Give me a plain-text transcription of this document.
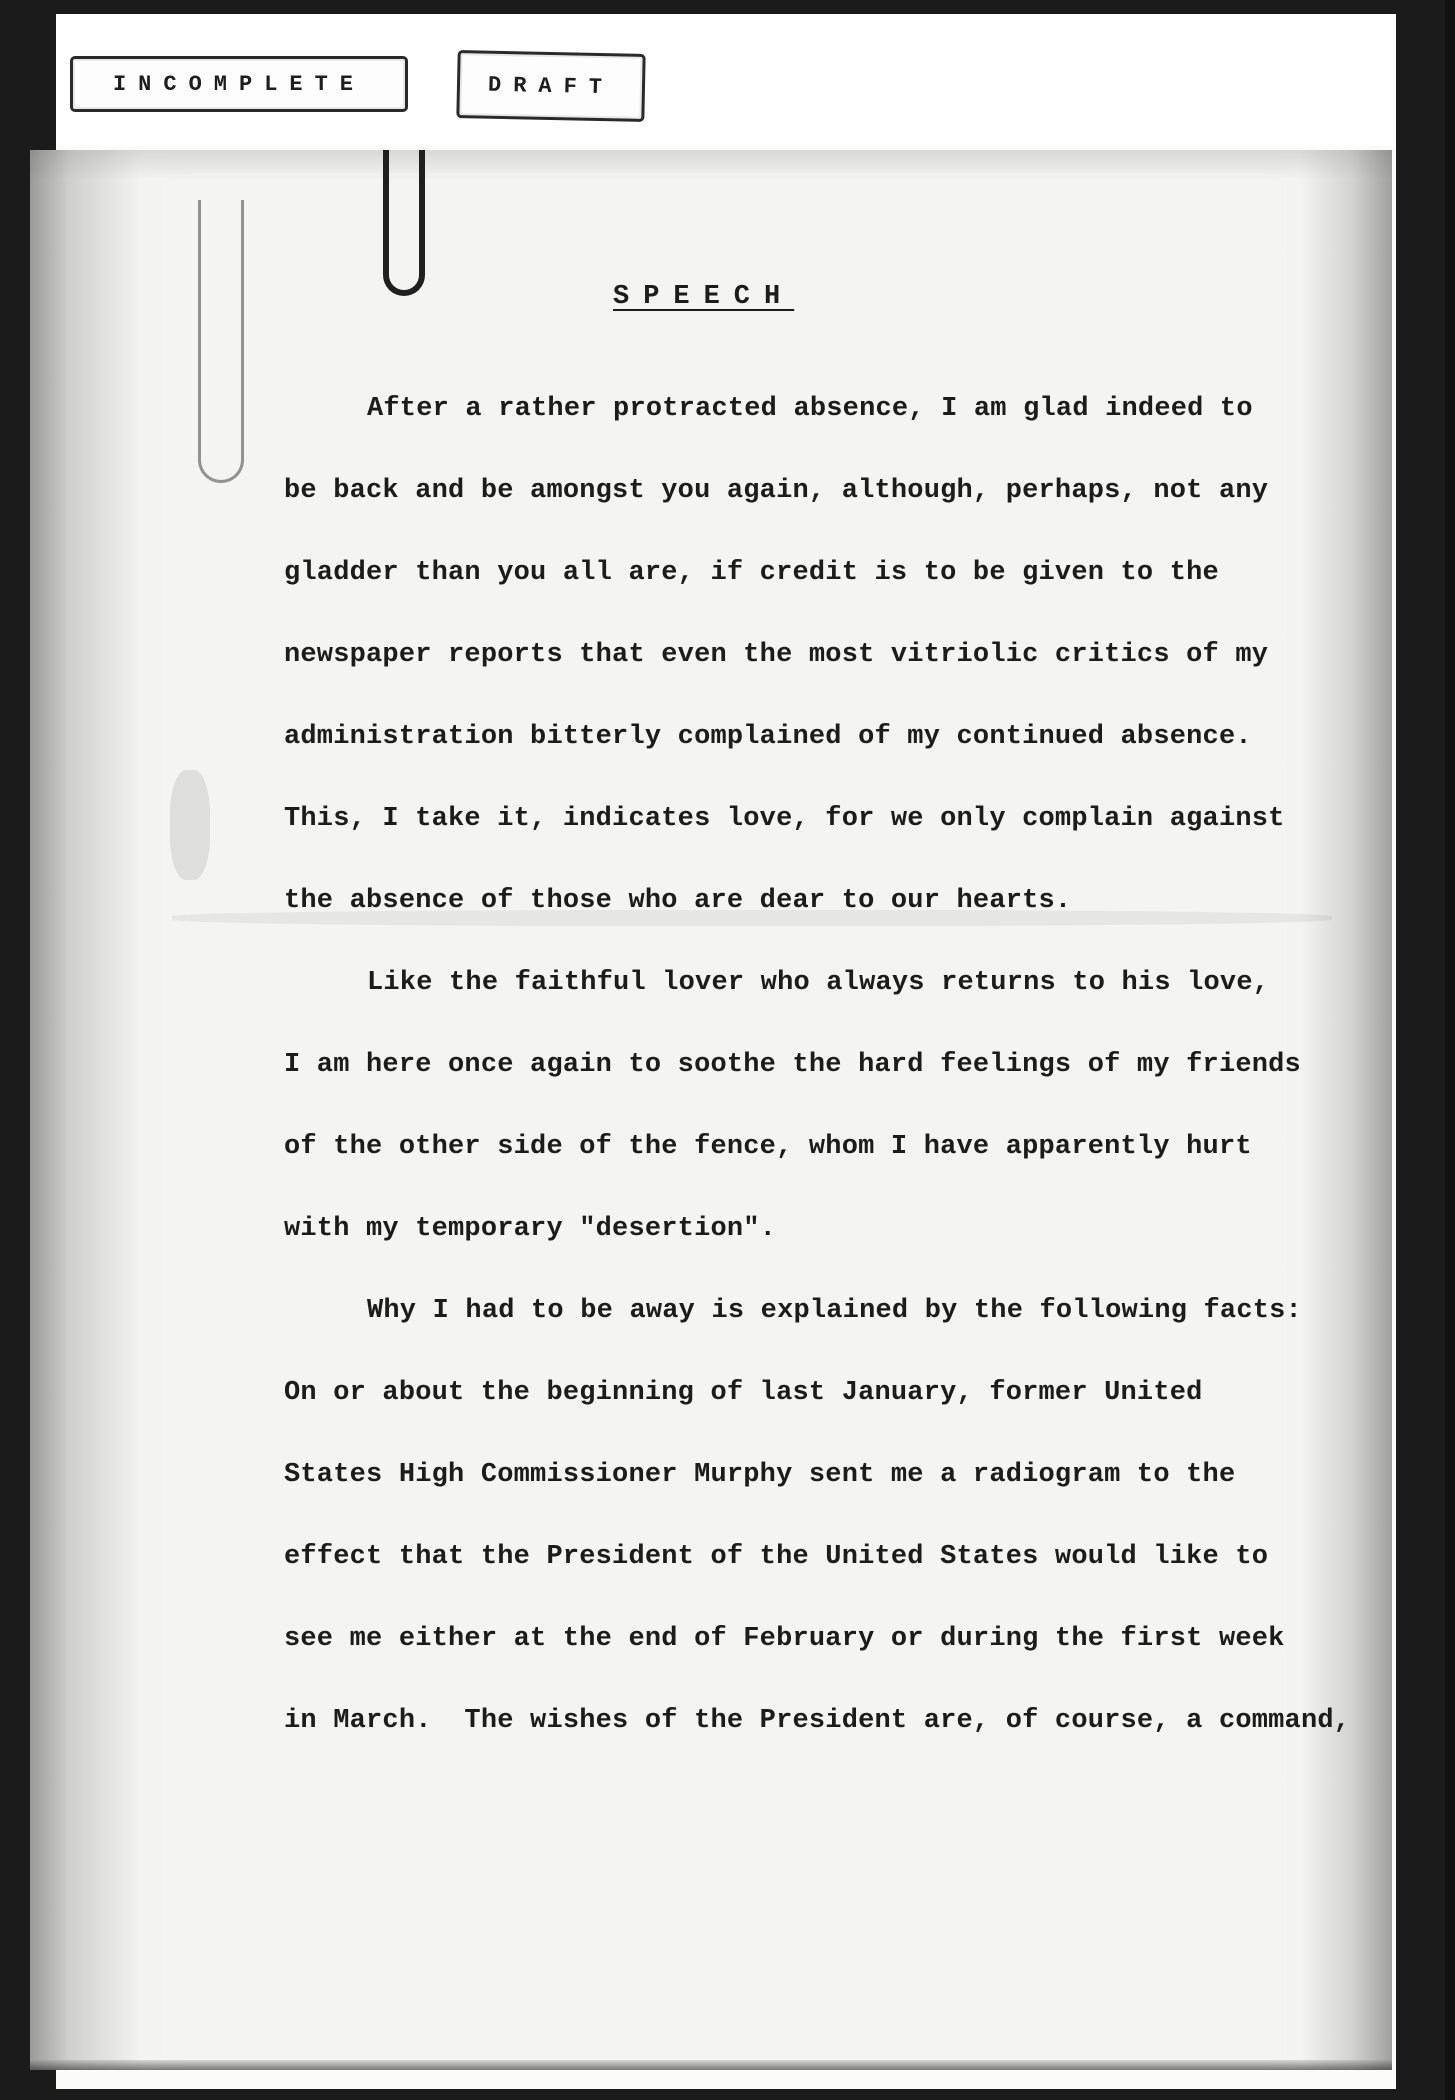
INCOMPLETE	DRAFT
SPEECH
After a rather protracted absence, I am glad indeed to
be back and be amongst you again, although, perhaps, not any
gladder than you all are, if credit is to be given to the
newspaper reports that even the most vitriolic critics of my
administration bitterly complained of my continued absence.
This, I take it, indicates love, for we only complain against
the absence of those who are dear to our hearts.
Like the faithful lover who always returns to his love,
I am here once again to soothe the hard feelings of my friends
of the other side of the fence, whom I have apparently hurt
with my temporary "desertion".
Why I had to be away is explained by the following facts:
On or about the beginning of last January, former United
States High Commissioner Murphy sent me a radiogram to the
effect that the President of the United States would like to
see me either at the end of February or during the first week
in March.  The wishes of the President are, of course, a command,
